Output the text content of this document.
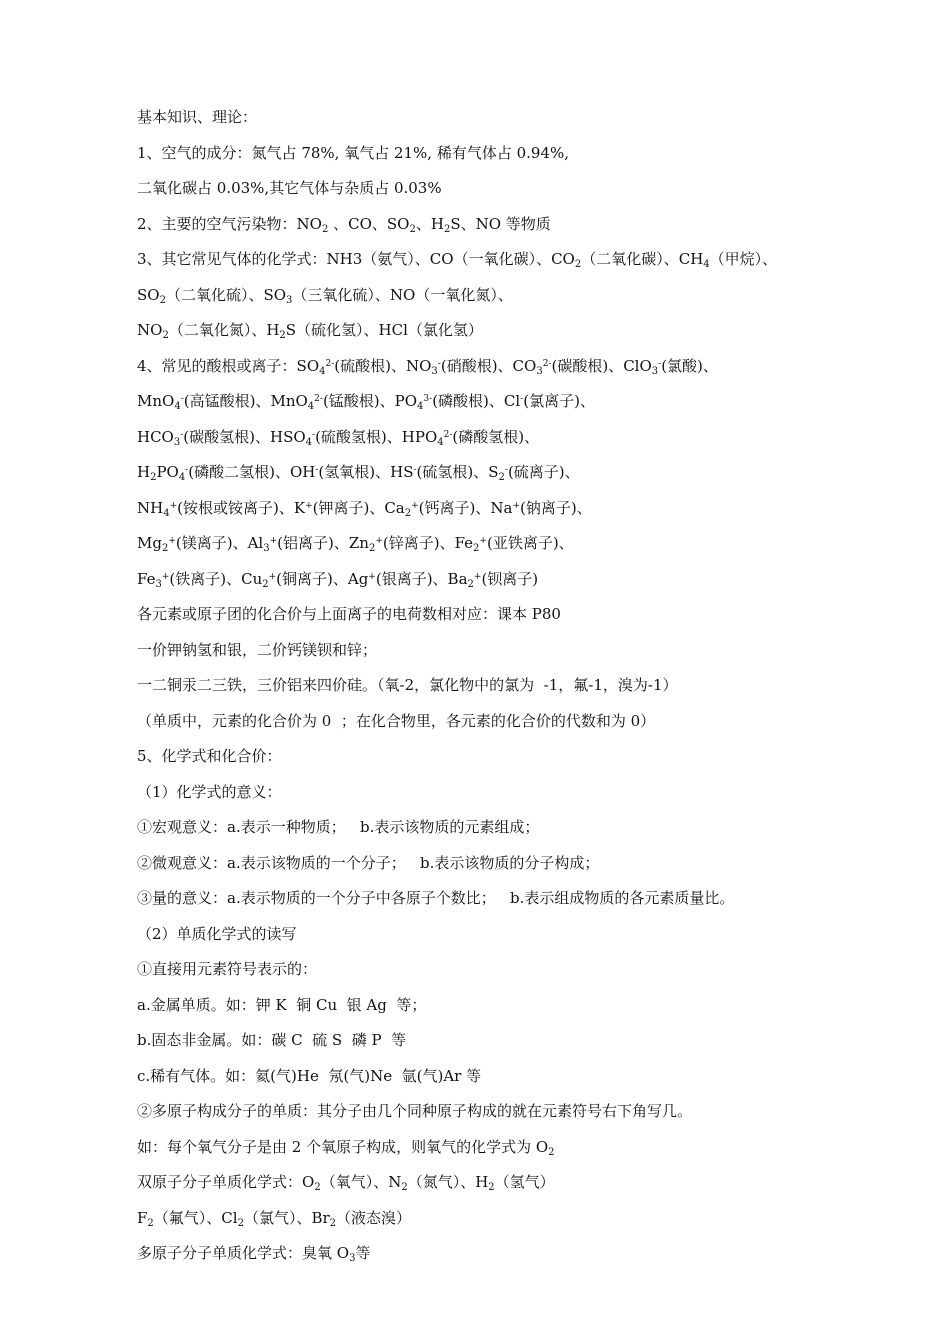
基本知识、理论：
1、空气的成分：氮气占 78%, 氧气占 21%, 稀有气体占 0.94%,
二氧化碳占 0.03%,其它气体与杂质占 0.03%
2、主要的空气污染物：$NO_2$ 、CO、$SO_2$、$H_2S$、NO 等物质
3、其它常见气体的化学式：NH3（氨气）、CO（一氧化碳）、$CO_2$（二氧化碳）、$CH_4$（甲烷）、
$SO_2$（二氧化硫）、$SO_3$（三氧化硫）、NO（一氧化氮）、
$NO_2$（二氧化氮）、$H_2S$（硫化氢）、HCl（氯化氢）
4、常见的酸根或离子：$SO_4^{2-}$(硫酸根)、$NO_3^-$(硝酸根)、$CO_3^{2-}$(碳酸根)、ClO$_3$-(氯酸)、
MnO$_4$-(高锰酸根)、MnO$_4^{2-}$(锰酸根)、$PO_4^{3-}$(磷酸根)、Cl-(氯离子)、
$HCO_3^-$(碳酸氢根)、$HSO_4^-$(硫酸氢根)、$HPO_4^{2-}$(磷酸氢根)、
$H_2PO_4^-$(磷酸二氢根)、OH-(氢氧根)、HS-(硫氢根)、$S_2^-$(硫离子)、
$NH_4^+$(铵根或铵离子)、K+(钾离子)、$Ca_2^+$(钙离子)、Na+(钠离子)、
$Mg_2^+$(镁离子)、$Al_3^+$(铝离子)、$Zn_2^+$(锌离子)、$Fe_2^+$(亚铁离子)、
$Fe_3^+$(铁离子)、$Cu_2^+$(铜离子)、Ag+(银离子)、$Ba_2^+$(钡离子)
各元素或原子团的化合价与上面离子的电荷数相对应：课本 P80
一价钾钠氢和银，二价钙镁钡和锌；
一二铜汞二三铁，三价铝来四价硅。（氧-2，氯化物中的氯为  -1，氟-1，溴为-1）
（单质中，元素的化合价为 0  ；在化合物里，各元素的化合价的代数和为 0）
5、化学式和化合价：
（1）化学式的意义：
①宏观意义：a.表示一种物质；   b.表示该物质的元素组成；
②微观意义：a.表示该物质的一个分子；   b.表示该物质的分子构成；
③量的意义：a.表示物质的一个分子中各原子个数比；   b.表示组成物质的各元素质量比。
（2）单质化学式的读写
①直接用元素符号表示的：
a.金属单质。如：钾 K  铜 Cu  银 Ag  等；
b.固态非金属。如：碳 C  硫 S  磷 P  等
c.稀有气体。如：氦(气)He  氖(气)Ne  氩(气)Ar 等
②多原子构成分子的单质：其分子由几个同种原子构成的就在元素符号右下角写几。
如：每个氧气分子是由 2 个氧原子构成，则氧气的化学式为 $O_2$
双原子分子单质化学式：$O_2$（氧气）、$N_2$（氮气）、$H_2$（氢气）
$F_2$（氟气）、$Cl_2$（氯气）、$Br_2$（液态溴）
多原子分子单质化学式：臭氧 $O_3$等
